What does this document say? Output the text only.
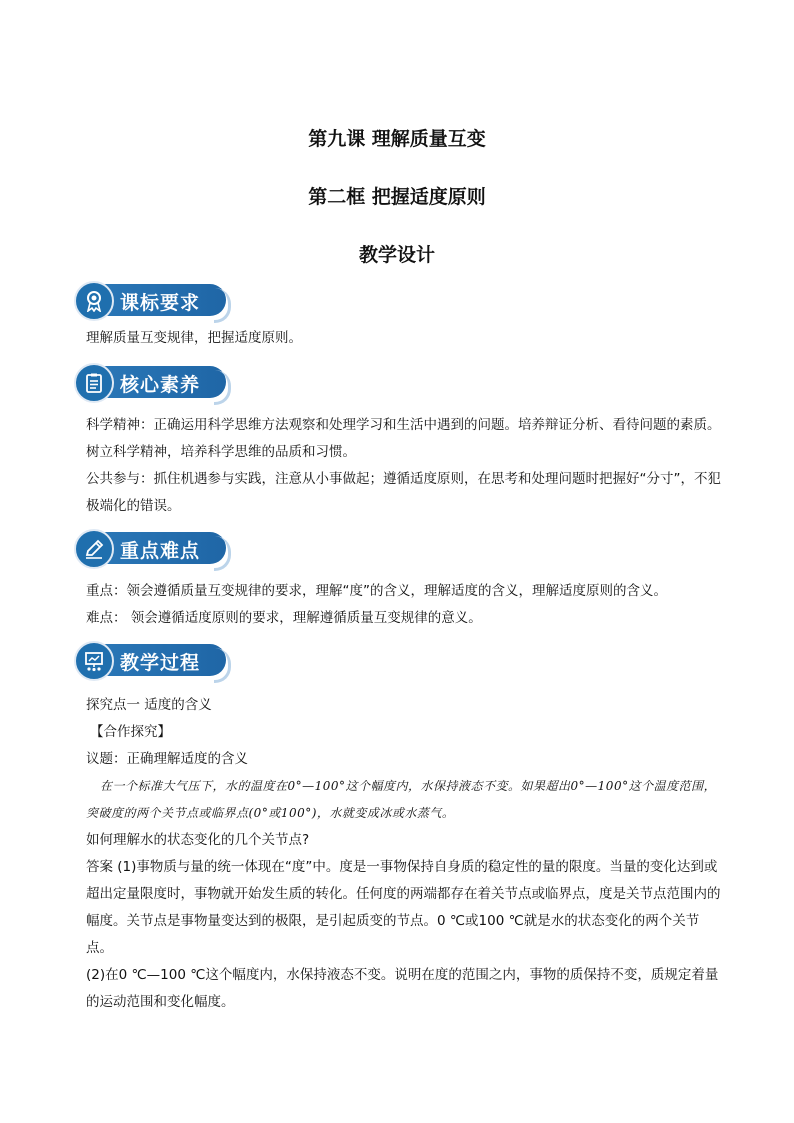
第九课 理解质量互变
第二框 把握适度原则
教学设计
课标要求
理解质量互变规律，把握适度原则。
核心素养
科学精神：正确运用科学思维方法观察和处理学习和生活中遇到的问题。培养辩证分析、看待问题的素质。树立科学精神，培养科学思维的品质和习惯。
公共参与：抓住机遇参与实践，注意从小事做起；遵循适度原则，在思考和处理问题时把握好“分寸”，不犯极端化的错误。
重点难点
重点：领会遵循质量互变规律的要求，理解“度”的含义，理解适度的含义，理解适度原则的含义。
难点： 领会遵循适度原则的要求，理解遵循质量互变规律的意义。
教学过程
探究点一 适度的含义
【合作探究】
议题：正确理解适度的含义
在一个标准大气压下，水的温度在0°—100°这个幅度内，水保持液态不变。如果超出0°—100°这个温度范围，突破度的两个关节点或临界点(0°或100°)，水就变成冰或水蒸气。
如何理解水的状态变化的几个关节点?
答案 (1)事物质与量的统一体现在“度”中。度是一事物保持自身质的稳定性的量的限度。当量的变化达到或超出定量限度时，事物就开始发生质的转化。任何度的两端都存在着关节点或临界点，度是关节点范围内的幅度。关节点是事物量变达到的极限，是引起质变的节点。0 ℃或100 ℃就是水的状态变化的两个关节点。
(2)在0 ℃—100 ℃这个幅度内，水保持液态不变。说明在度的范围之内，事物的质保持不变，质规定着量的运动范围和变化幅度。
